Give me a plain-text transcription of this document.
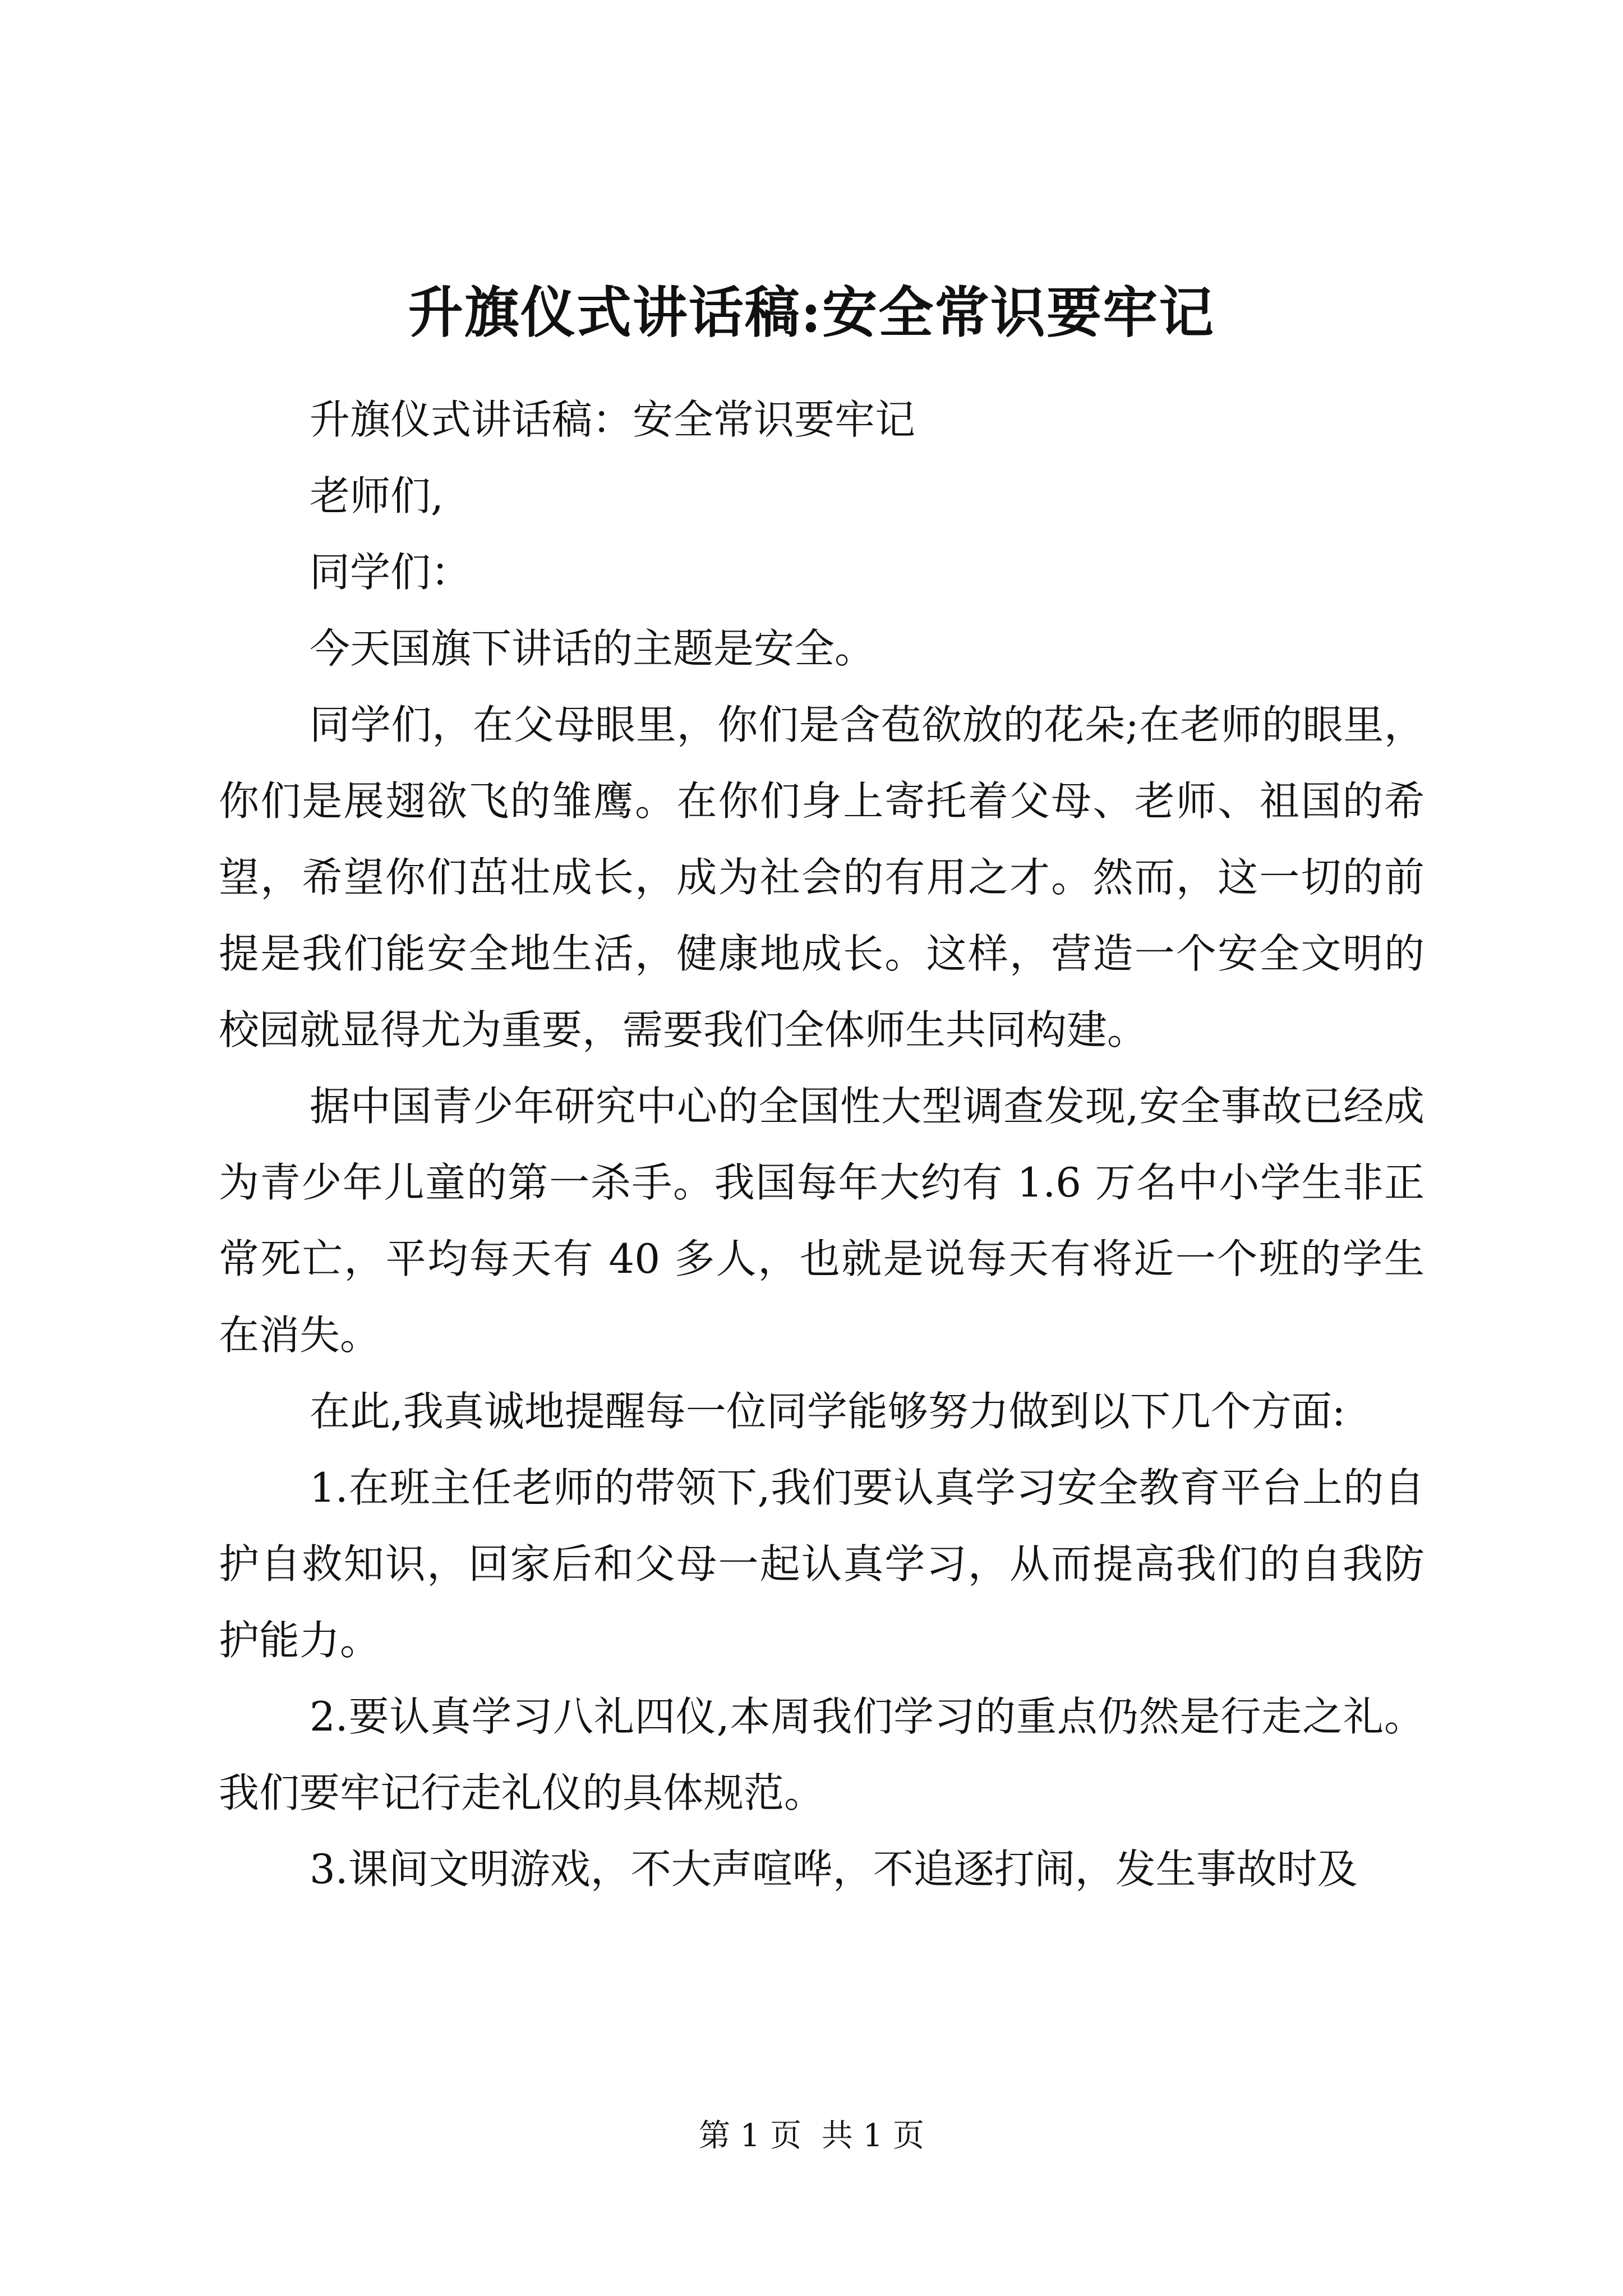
升旗仪式讲话稿:安全常识要牢记

升旗仪式讲话稿：安全常识要牢记

老师们,

同学们：

今天国旗下讲话的主题是安全。

同学们，在父母眼里，你们是含苞欲放的花朵;在老师的眼里，你们是展翅欲飞的雏鹰。在你们身上寄托着父母、老师、祖国的希望，希望你们茁壮成长，成为社会的有用之才。然而，这一切的前提是我们能安全地生活，健康地成长。这样，营造一个安全文明的校园就显得尤为重要，需要我们全体师生共同构建。

据中国青少年研究中心的全国性大型调查发现,安全事故已经成为青少年儿童的第一杀手。我国每年大约有 1.6 万名中小学生非正常死亡，平均每天有 40 多人，也就是说每天有将近一个班的学生在消失。

在此,我真诚地提醒每一位同学能够努力做到以下几个方面:

1.在班主任老师的带领下,我们要认真学习安全教育平台上的自护自救知识，回家后和父母一起认真学习，从而提高我们的自我防护能力。

2.要认真学习八礼四仪,本周我们学习的重点仍然是行走之礼。我们要牢记行走礼仪的具体规范。

3.课间文明游戏，不大声喧哗，不追逐打闹，发生事故时及

第 1 页 共 1 页
